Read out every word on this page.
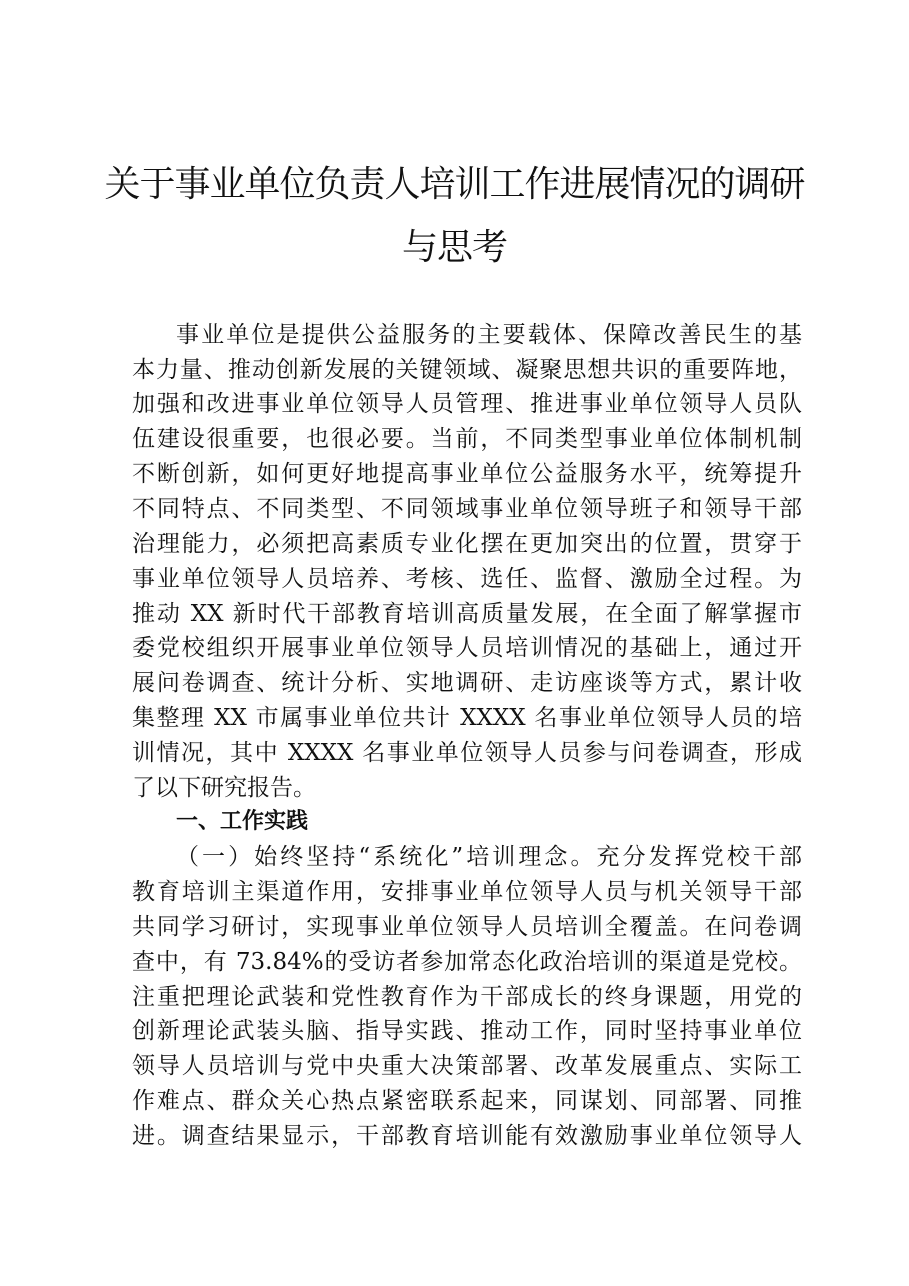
关于事业单位负责人培训工作进展情况的调研
与思考
事业单位是提供公益服务的主要载体、保障改善民生的基
本力量、推动创新发展的关键领域、凝聚思想共识的重要阵地，
加强和改进事业单位领导人员管理、推进事业单位领导人员队
伍建设很重要，也很必要。当前，不同类型事业单位体制机制
不断创新，如何更好地提高事业单位公益服务水平，统筹提升
不同特点、不同类型、不同领域事业单位领导班子和领导干部
治理能力，必须把高素质专业化摆在更加突出的位置，贯穿于
事业单位领导人员培养、考核、选任、监督、激励全过程。为
推动 XX 新时代干部教育培训高质量发展，在全面了解掌握市
委党校组织开展事业单位领导人员培训情况的基础上，通过开
展问卷调查、统计分析、实地调研、走访座谈等方式，累计收
集整理 XX 市属事业单位共计 XXXX 名事业单位领导人员的培
训情况，其中 XXXX 名事业单位领导人员参与问卷调查，形成
了以下研究报告。
一、工作实践
（一）始终坚持“系统化”培训理念。充分发挥党校干部
教育培训主渠道作用，安排事业单位领导人员与机关领导干部
共同学习研讨，实现事业单位领导人员培训全覆盖。在问卷调
查中，有 73.84%的受访者参加常态化政治培训的渠道是党校。
注重把理论武装和党性教育作为干部成长的终身课题，用党的
创新理论武装头脑、指导实践、推动工作，同时坚持事业单位
领导人员培训与党中央重大决策部署、改革发展重点、实际工
作难点、群众关心热点紧密联系起来，同谋划、同部署、同推
进。调查结果显示，干部教育培训能有效激励事业单位领导人
